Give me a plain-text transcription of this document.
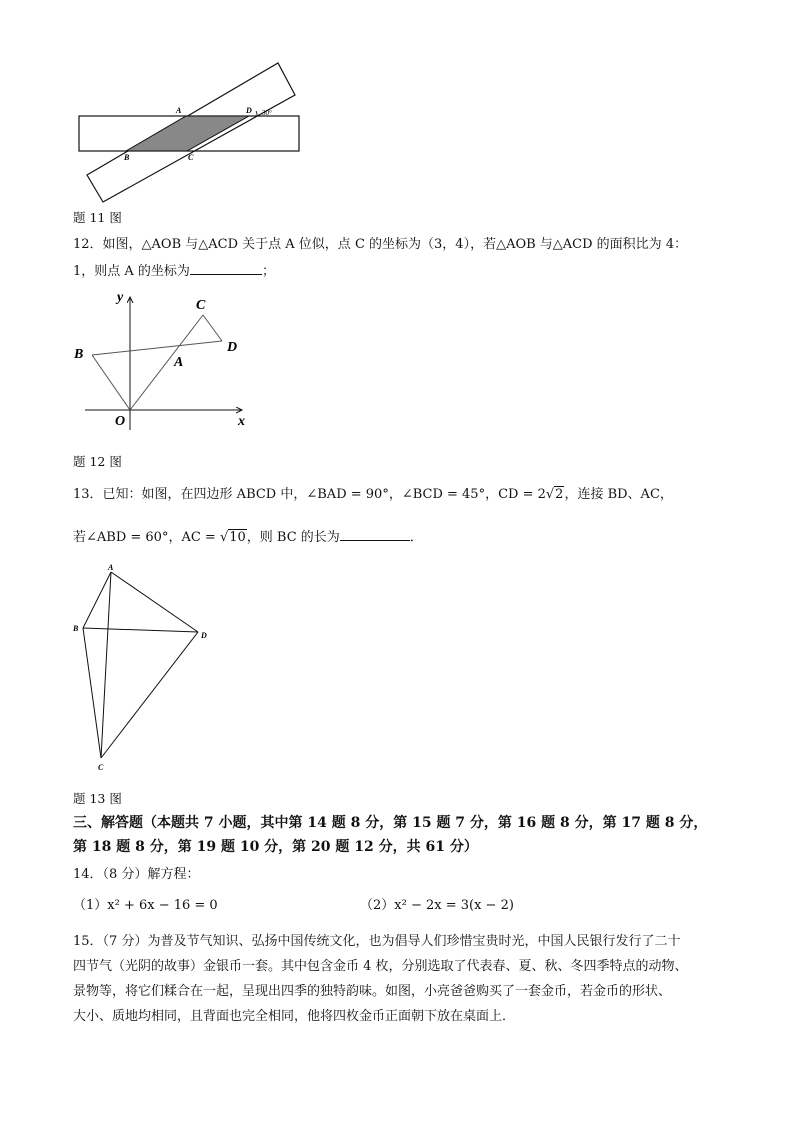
A	D 30°
B	C
题 11 图
12．如图，△AOB 与△ACD 关于点 A 位似，点 C 的坐标为（3，4），若△AOB 与△ACD 的面积比为 4：
1，则点 A 的坐标为	；
y
x
O
B
C
D
A
题 12 图
13．已知：如图，在四边形 ABCD 中，∠BAD = 90°，∠BCD = 45°，CD = 2√2，连接 BD、AC，
若∠ABD = 60°，AC = √10，则 BC 的长为	．
A
B
D
C
题 13 图
三、解答题（本题共 7 小题，其中第 14 题 8 分，第 15 题 7 分，第 16 题 8 分，第 17 题 8 分，
第 18 题 8 分，第 19 题 10 分，第 20 题 12 分，共 61 分）
14．（8 分）解方程：
（1）x² + 6x − 16 = 0	（2）x² − 2x = 3(x − 2)
15．（7 分）为普及节气知识、弘扬中国传统文化，也为倡导人们珍惜宝贵时光，中国人民银行发行了二十
四节气（光阴的故事）金银币一套。其中包含金币 4 枚，分别选取了代表春、夏、秋、冬四季特点的动物、
景物等，将它们糅合在一起，呈现出四季的独特韵味。如图，小亮爸爸购买了一套金币，若金币的形状、
大小、质地均相同，且背面也完全相同，他将四枚金币正面朝下放在桌面上．
